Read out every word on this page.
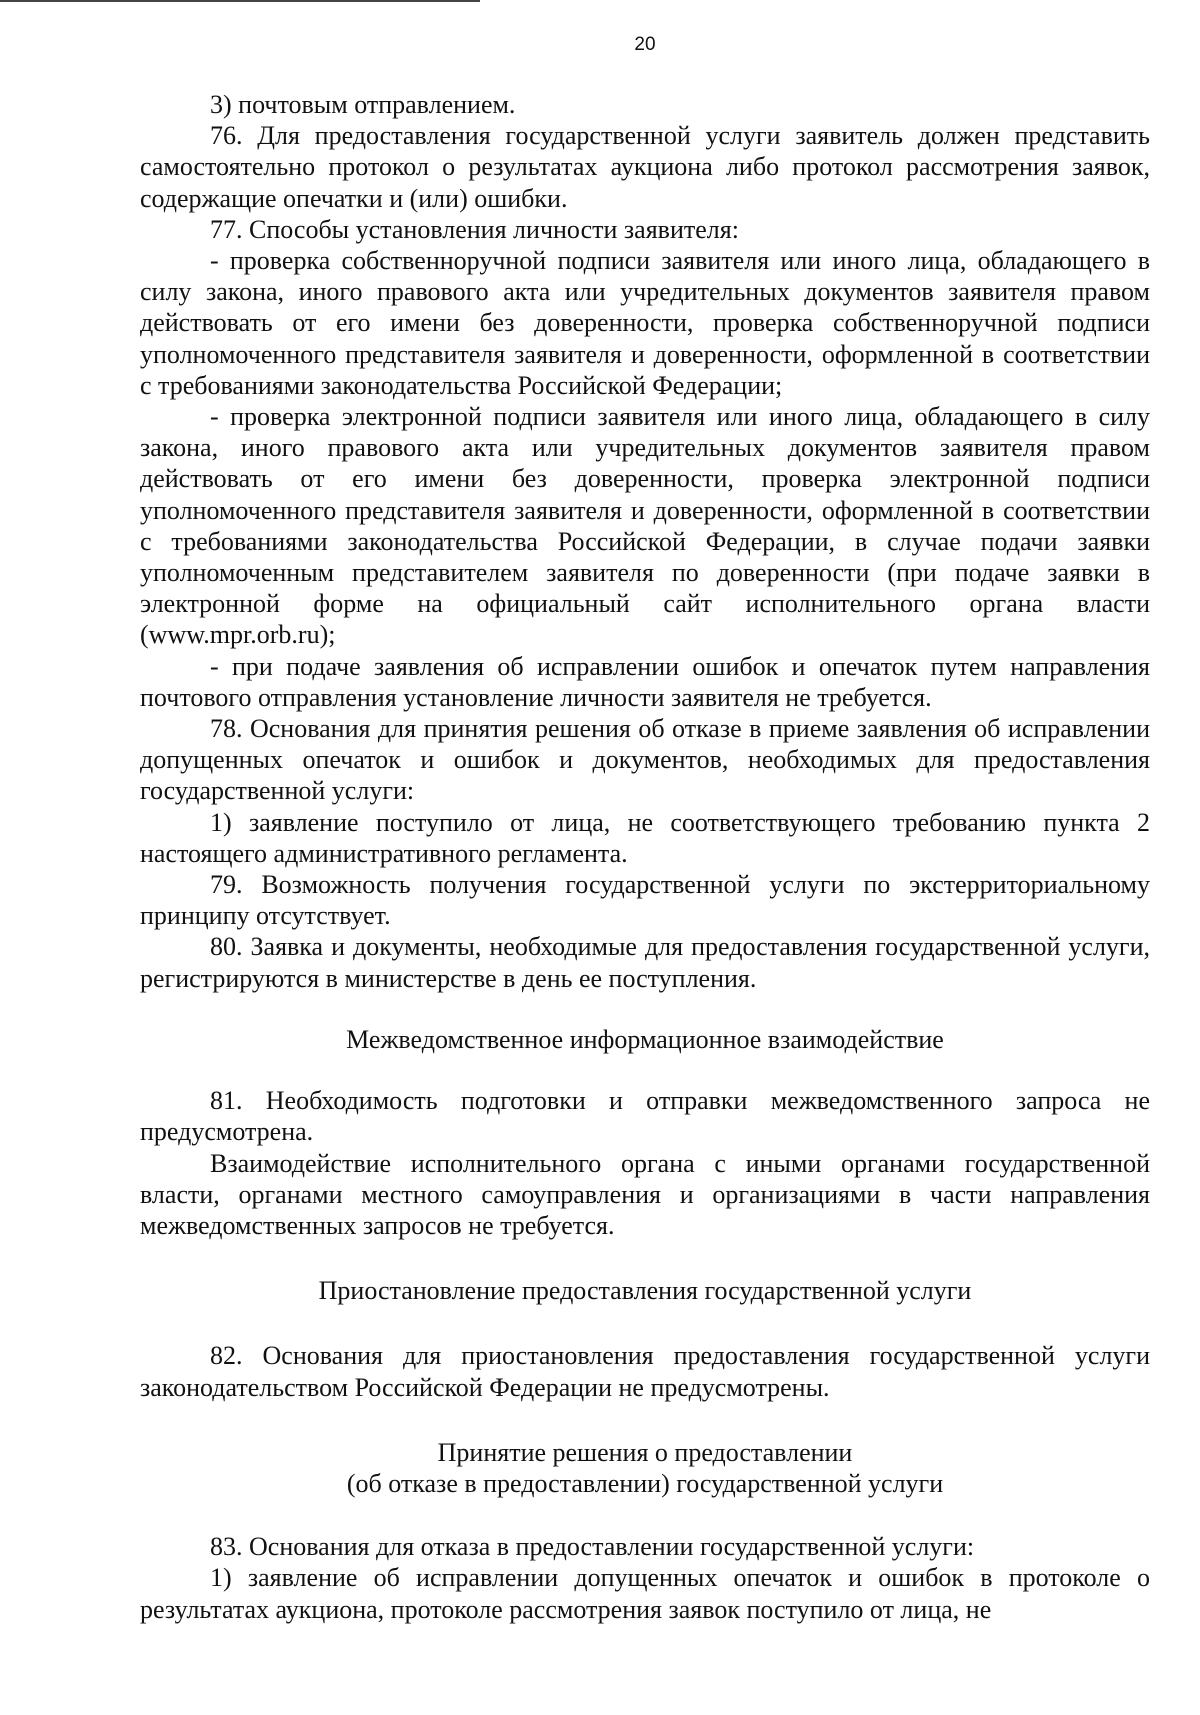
20

3) почтовым отправлением.

76. Для предоставления государственной услуги заявитель должен представить самостоятельно протокол о результатах аукциона либо протокол рассмотрения заявок, содержащие опечатки и (или) ошибки.

77. Способы установления личности заявителя:

- проверка собственноручной подписи заявителя или иного лица, обладающего в силу закона, иного правового акта или учредительных документов заявителя правом действовать от его имени без доверенности, проверка собственноручной подписи уполномоченного представителя заявителя и доверенности, оформленной в соответствии с требованиями законодательства Российской Федерации;

- проверка электронной подписи заявителя или иного лица, обладающего в силу закона, иного правового акта или учредительных документов заявителя правом действовать от его имени без доверенности, проверка электронной подписи уполномоченного представителя заявителя и доверенности, оформленной в соответствии с требованиями законодательства Российской Федерации, в случае подачи заявки уполномоченным представителем заявителя по доверенности (при подаче заявки в электронной форме на официальный сайт исполнительного органа власти (www.mpr.orb.ru);

- при подаче заявления об исправлении ошибок и опечаток путем направления почтового отправления установление личности заявителя не требуется.

78. Основания для принятия решения об отказе в приеме заявления об исправлении допущенных опечаток и ошибок и документов, необходимых для предоставления государственной услуги:

1) заявление поступило от лица, не соответствующего требованию пункта 2 настоящего административного регламента.

79. Возможность получения государственной услуги по экстерриториальному принципу отсутствует.

80. Заявка и документы, необходимые для предоставления государственной услуги, регистрируются в министерстве в день ее поступления.

Межведомственное информационное взаимодействие

81. Необходимость подготовки и отправки межведомственного запроса не предусмотрена.

Взаимодействие исполнительного органа с иными органами государственной власти, органами местного самоуправления и организациями в части направления межведомственных запросов не требуется.

Приостановление предоставления государственной услуги

82. Основания для приостановления предоставления государственной услуги законодательством Российской Федерации не предусмотрены.

Принятие решения о предоставлении
(об отказе в предоставлении) государственной услуги

83. Основания для отказа в предоставлении государственной услуги:

1) заявление об исправлении допущенных опечаток и ошибок в протоколе о результатах аукциона, протоколе рассмотрения заявок поступило от лица, не
